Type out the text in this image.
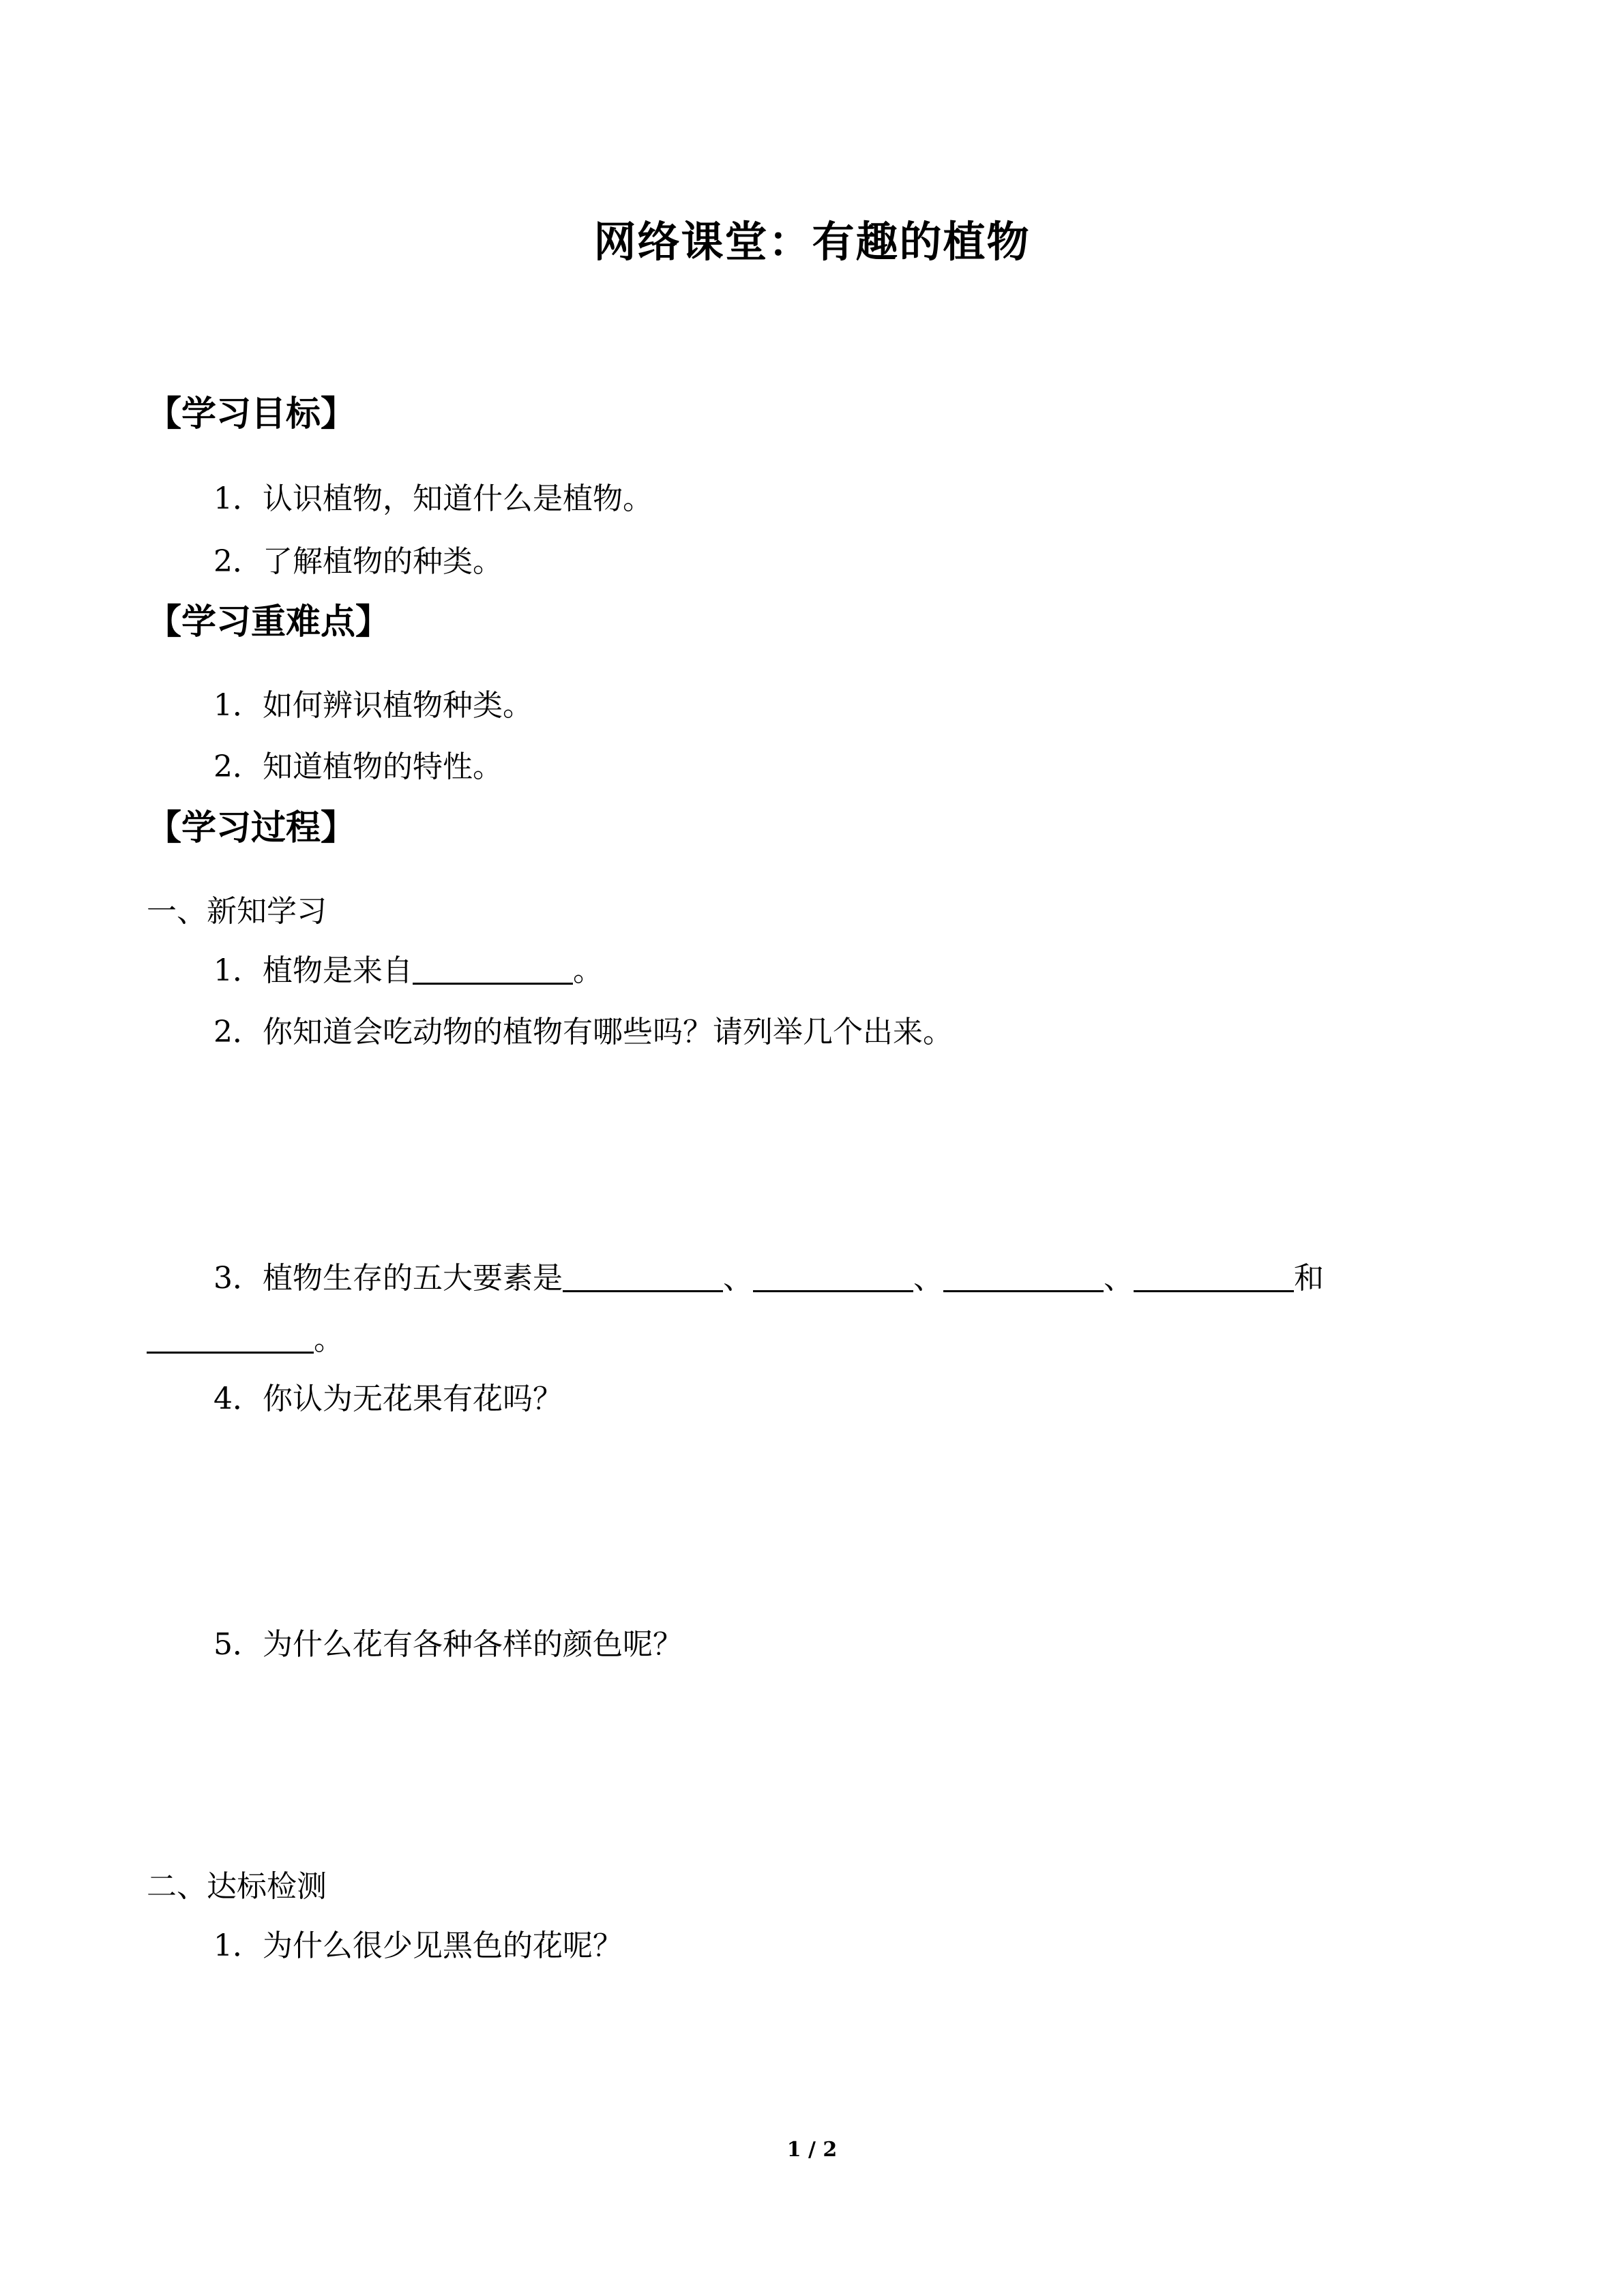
网络课堂：有趣的植物
【学习目标】
1．认识植物，知道什么是植物。
2．了解植物的种类。
【学习重难点】
1．如何辨识植物种类。
2．知道植物的特性。
【学习过程】
一、新知学习
1．植物是来自	。
2．你知道会吃动物的植物有哪些吗？请列举几个出来。
3．植物生存的五大要素是	、	、	、	和
。
4．你认为无花果有花吗？
5．为什么花有各种各样的颜色呢？
二、达标检测
1．为什么很少见黑色的花呢？
1 / 2
